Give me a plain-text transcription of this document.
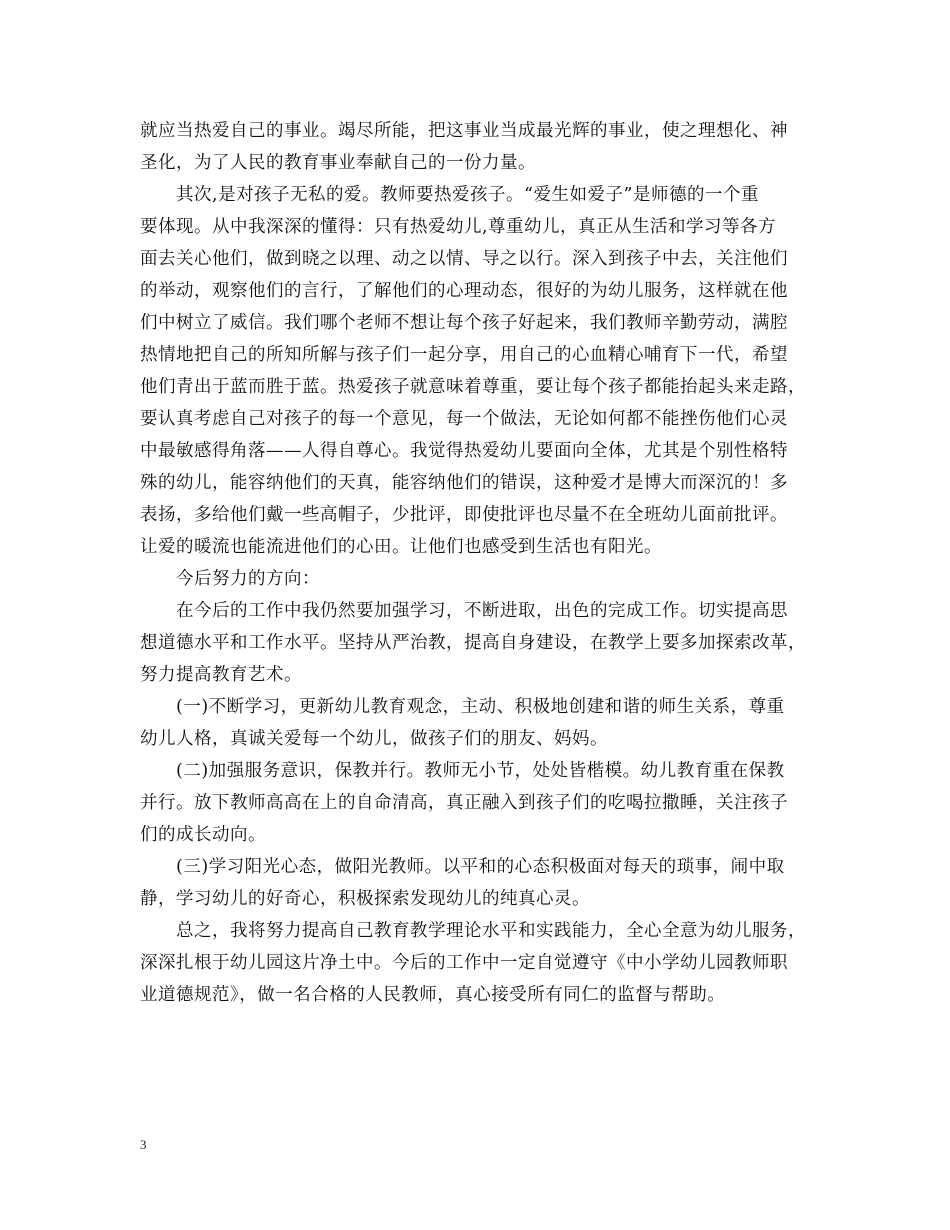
就应当热爱自己的事业。竭尽所能，把这事业当成最光辉的事业，使之理想化、神
圣化，为了人民的教育事业奉献自己的一份力量。

其次,是对孩子无私的爱。教师要热爱孩子。“爱生如爱子”是师德的一个重
要体现。从中我深深的懂得：只有热爱幼儿,尊重幼儿，真正从生活和学习等各方
面去关心他们，做到晓之以理、动之以情、导之以行。深入到孩子中去，关注他们
的举动，观察他们的言行，了解他们的心理动态，很好的为幼儿服务，这样就在他
们中树立了威信。我们哪个老师不想让每个孩子好起来，我们教师辛勤劳动，满腔
热情地把自己的所知所解与孩子们一起分享，用自己的心血精心哺育下一代，希望
他们青出于蓝而胜于蓝。热爱孩子就意味着尊重，要让每个孩子都能抬起头来走路，
要认真考虑自己对孩子的每一个意见，每一个做法，无论如何都不能挫伤他们心灵
中最敏感得角落——人得自尊心。我觉得热爱幼儿要面向全体，尤其是个别性格特
殊的幼儿，能容纳他们的天真，能容纳他们的错误，这种爱才是博大而深沉的！多
表扬，多给他们戴一些高帽子，少批评，即使批评也尽量不在全班幼儿面前批评。
让爱的暖流也能流进他们的心田。让他们也感受到生活也有阳光。

今后努力的方向：

在今后的工作中我仍然要加强学习，不断进取，出色的完成工作。切实提高思
想道德水平和工作水平。坚持从严治教，提高自身建设，在教学上要多加探索改革，
努力提高教育艺术。

(一)不断学习，更新幼儿教育观念，主动、积极地创建和谐的师生关系，尊重
幼儿人格，真诚关爱每一个幼儿，做孩子们的朋友、妈妈。

(二)加强服务意识，保教并行。教师无小节，处处皆楷模。幼儿教育重在保教
并行。放下教师高高在上的自命清高，真正融入到孩子们的吃喝拉撒睡，关注孩子
们的成长动向。

(三)学习阳光心态，做阳光教师。以平和的心态积极面对每天的琐事，闹中取
静，学习幼儿的好奇心，积极探索发现幼儿的纯真心灵。

总之，我将努力提高自己教育教学理论水平和实践能力，全心全意为幼儿服务，
深深扎根于幼儿园这片净土中。今后的工作中一定自觉遵守《中小学幼儿园教师职
业道德规范》，做一名合格的人民教师，真心接受所有同仁的监督与帮助。

3
